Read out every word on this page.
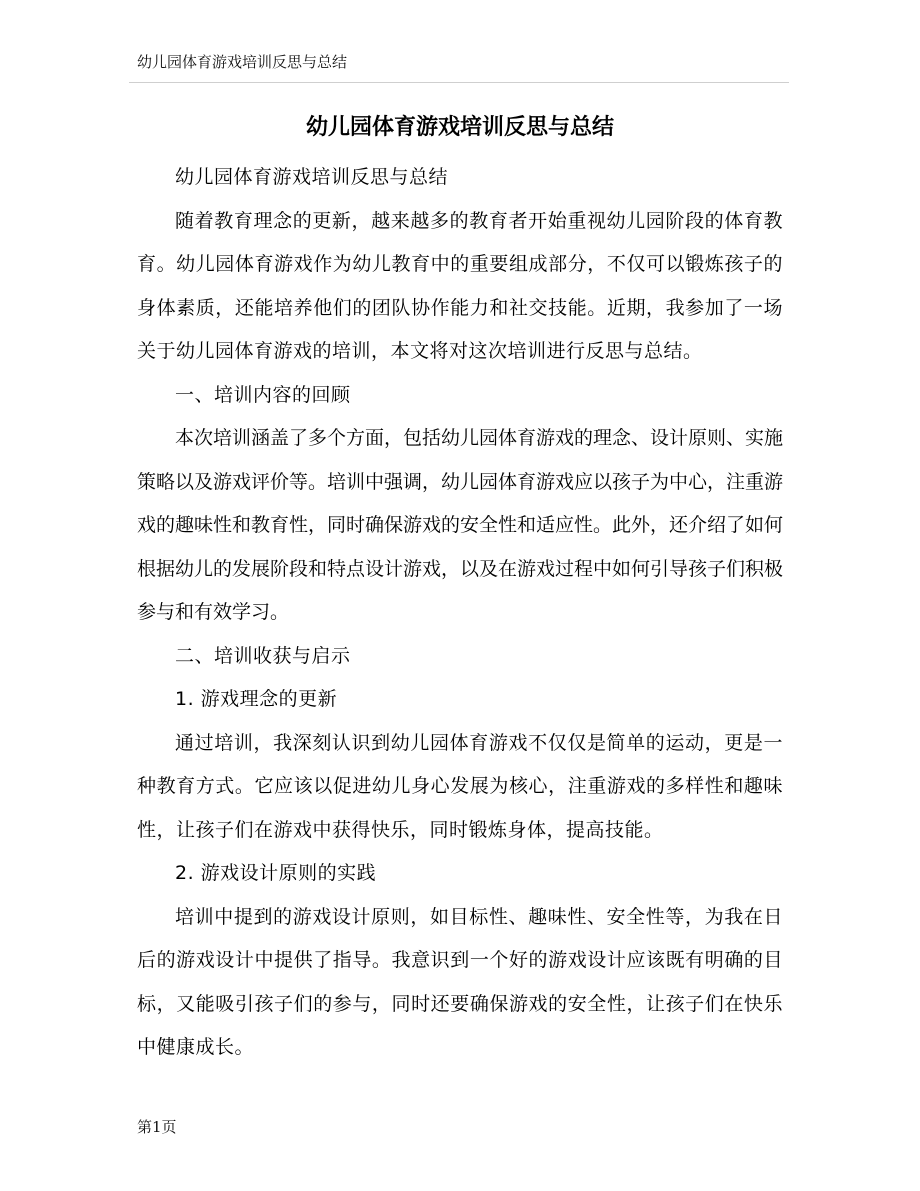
幼儿园体育游戏培训反思与总结
幼儿园体育游戏培训反思与总结

幼儿园体育游戏培训反思与总结

随着教育理念的更新，越来越多的教育者开始重视幼儿园阶段的体育教育。幼儿园体育游戏作为幼儿教育中的重要组成部分，不仅可以锻炼孩子的身体素质，还能培养他们的团队协作能力和社交技能。近期，我参加了一场关于幼儿园体育游戏的培训，本文将对这次培训进行反思与总结。

一、培训内容的回顾

本次培训涵盖了多个方面，包括幼儿园体育游戏的理念、设计原则、实施策略以及游戏评价等。培训中强调，幼儿园体育游戏应以孩子为中心，注重游戏的趣味性和教育性，同时确保游戏的安全性和适应性。此外，还介绍了如何根据幼儿的发展阶段和特点设计游戏，以及在游戏过程中如何引导孩子们积极参与和有效学习。

二、培训收获与启示

1. 游戏理念的更新

通过培训，我深刻认识到幼儿园体育游戏不仅仅是简单的运动，更是一种教育方式。它应该以促进幼儿身心发展为核心，注重游戏的多样性和趣味性，让孩子们在游戏中获得快乐，同时锻炼身体，提高技能。

2. 游戏设计原则的实践

培训中提到的游戏设计原则，如目标性、趣味性、安全性等，为我在日后的游戏设计中提供了指导。我意识到一个好的游戏设计应该既有明确的目标，又能吸引孩子们的参与，同时还要确保游戏的安全性，让孩子们在快乐中健康成长。

第1页
